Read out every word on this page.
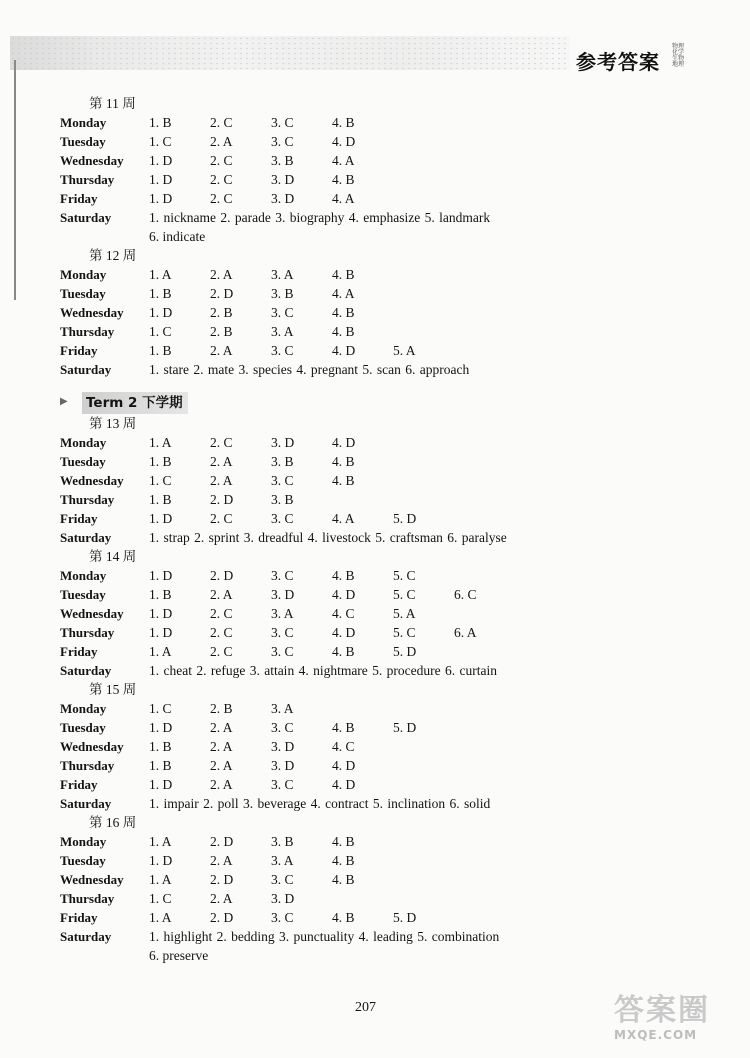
参考答案
物理
化学
生物
地理
第 11 周
Monday	1. B	2. C	3. C	4. B
Tuesday	1. C	2. A	3. C	4. D
Wednesday 1. D	2. C	3. B	4. A
Thursday	1. D	2. C	3. D	4. B
Friday	1. D	2. C	3. D	4. A
Saturday	1. nickname 2. parade 3. biography 4. emphasize 5. landmark
6. indicate
第 12 周
Monday	1. A	2. A	3. A	4. B
Tuesday	1. B	2. D	3. B	4. A
Wednesday 1. D	2. B	3. C	4. B
Thursday	1. C	2. B	3. A	4. B
Friday	1. B	2. A	3. C	4. D	5. A
Saturday	1. stare 2. mate 3. species 4. pregnant 5. scan 6. approach
▶ Term 2 下学期
第 13 周
Monday	1. A	2. C	3. D	4. D
Tuesday	1. B	2. A	3. B	4. B
Wednesday 1. C	2. A	3. C	4. B
Thursday	1. B	2. D	3. B
Friday	1. D	2. C	3. C	4. A	5. D
Saturday	1. strap 2. sprint 3. dreadful 4. livestock 5. craftsman 6. paralyse
第 14 周
Monday	1. D	2. D	3. C	4. B	5. C
Tuesday	1. B	2. A	3. D	4. D	5. C	6. C
Wednesday 1. D	2. C	3. A	4. C	5. A
Thursday	1. D	2. C	3. C	4. D	5. C	6. A
Friday	1. A	2. C	3. C	4. B	5. D
Saturday	1. cheat 2. refuge 3. attain 4. nightmare 5. procedure 6. curtain
第 15 周
Monday	1. C	2. B	3. A
Tuesday	1. D	2. A	3. C	4. B	5. D
Wednesday 1. B	2. A	3. D	4. C
Thursday	1. B	2. A	3. D	4. D
Friday	1. D	2. A	3. C	4. D
Saturday	1. impair 2. poll 3. beverage 4. contract 5. inclination 6. solid
第 16 周
Monday	1. A	2. D	3. B	4. B
Tuesday	1. D	2. A	3. A	4. B
Wednesday 1. A	2. D	3. C	4. B
Thursday	1. C	2. A	3. D
Friday	1. A	2. D	3. C	4. B	5. D
Saturday	1. highlight 2. bedding 3. punctuality 4. leading 5. combination
6. preserve
207	答案圈
MXQE.COM
